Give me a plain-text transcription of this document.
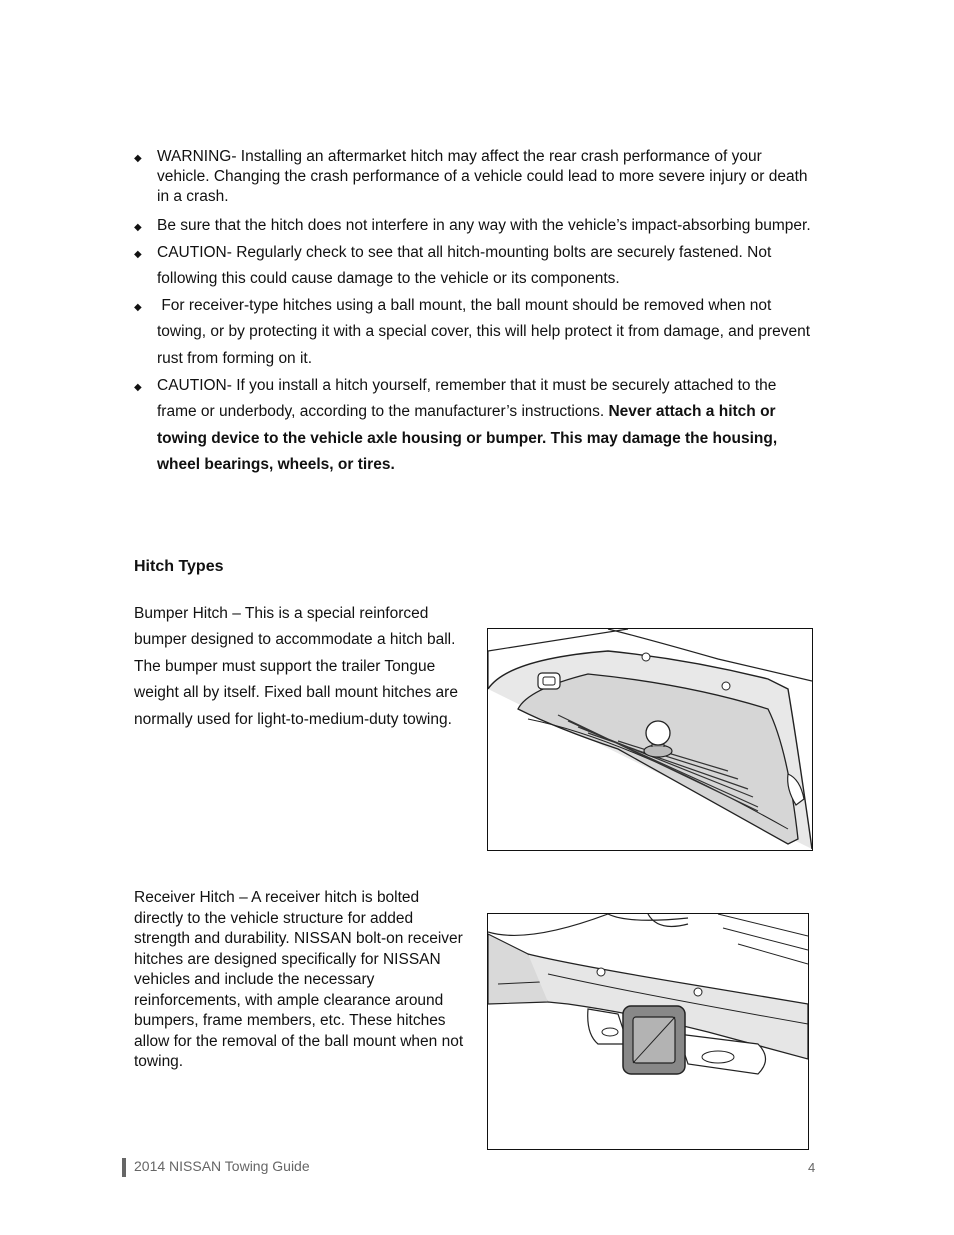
◆ WARNING- Installing an aftermarket hitch may affect the rear crash performance of your vehicle. Changing the crash performance of a vehicle could lead to more severe injury or death in a crash.
◆ Be sure that the hitch does not interfere in any way with the vehicle’s impact-absorbing bumper.
◆ CAUTION- Regularly check to see that all hitch-mounting bolts are securely fastened. Not following this could cause damage to the vehicle or its components.
◆ For receiver-type hitches using a ball mount, the ball mount should be removed when not towing, or by protecting it with a special cover, this will help protect it from damage, and prevent rust from forming on it.
◆ CAUTION- If you install a hitch yourself, remember that it must be securely attached to the frame or underbody, according to the manufacturer’s instructions. Never attach a hitch or towing device to the vehicle axle housing or bumper. This may damage the housing, wheel bearings, wheels, or tires.
Hitch Types
Bumper Hitch – This is a special reinforced bumper designed to accommodate a hitch ball. The bumper must support the trailer Tongue weight all by itself. Fixed ball mount hitches are normally used for light-to-medium-duty towing.
Receiver Hitch – A receiver hitch is bolted directly to the vehicle structure for added strength and durability. NISSAN bolt-on receiver hitches are designed specifically for NISSAN vehicles and include the necessary reinforcements, with ample clearance around bumpers, frame members, etc. These hitches allow for the removal of the ball mount when not towing.
2014 NISSAN Towing Guide	4
